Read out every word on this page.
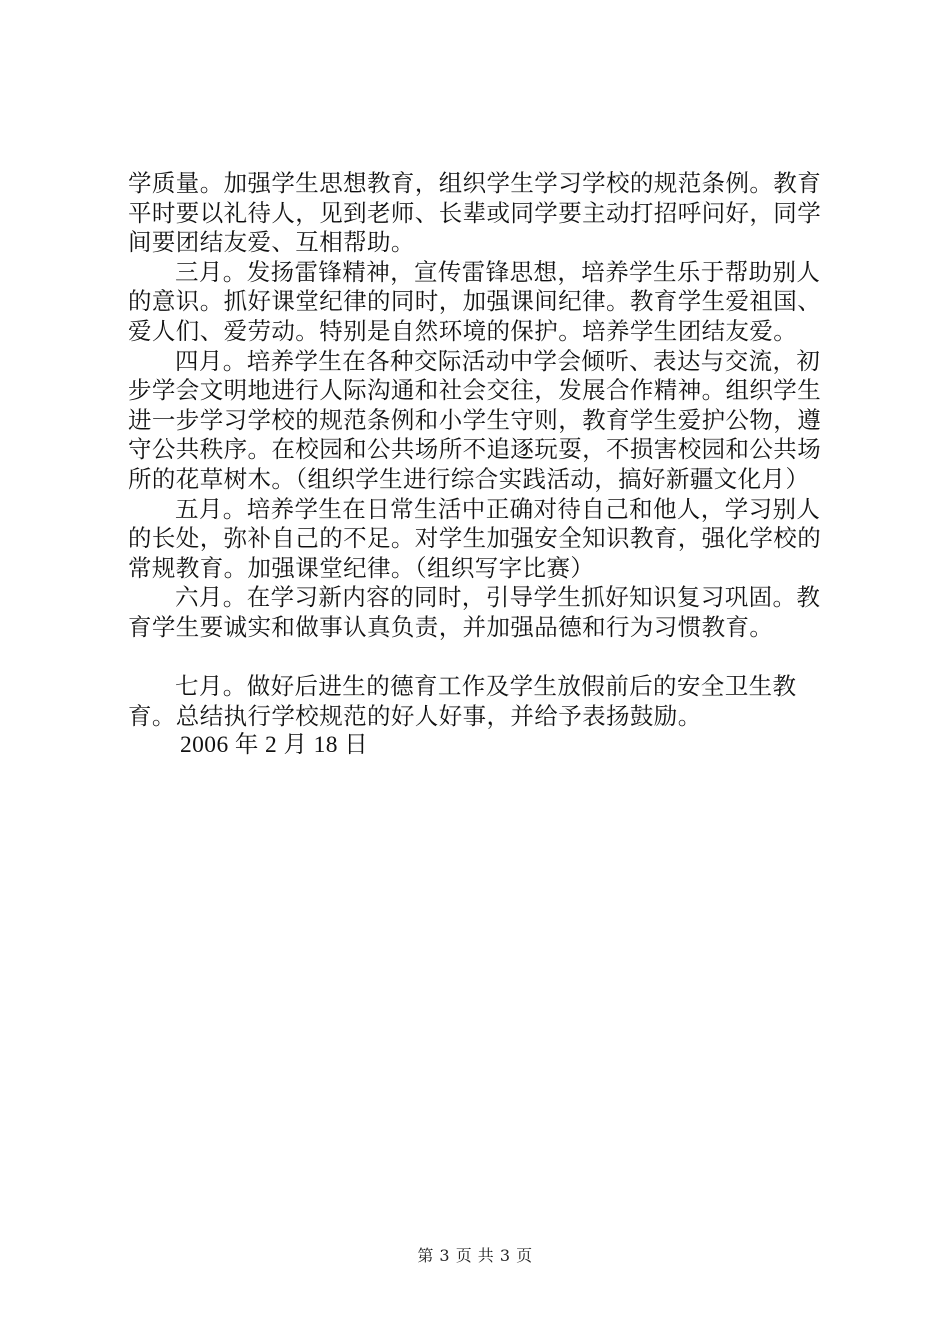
学质量。加强学生思想教育，组织学生学习学校的规范条例。教育平时要以礼待人，见到老师、长辈或同学要主动打招呼问好，同学间要团结友爱、互相帮助。

三月。发扬雷锋精神，宣传雷锋思想，培养学生乐于帮助别人的意识。抓好课堂纪律的同时，加强课间纪律。教育学生爱祖国、爱人们、爱劳动。特别是自然环境的保护。培养学生团结友爱。

四月。培养学生在各种交际活动中学会倾听、表达与交流，初步学会文明地进行人际沟通和社会交往，发展合作精神。组织学生进一步学习学校的规范条例和小学生守则，教育学生爱护公物，遵守公共秩序。在校园和公共场所不追逐玩耍，不损害校园和公共场所的花草树木。（组织学生进行综合实践活动，搞好新疆文化月）

五月。培养学生在日常生活中正确对待自己和他人，学习别人的长处，弥补自己的不足。对学生加强安全知识教育，强化学校的常规教育。加强课堂纪律。（组织写字比赛）

六月。在学习新内容的同时，引导学生抓好知识复习巩固。教育学生要诚实和做事认真负责，并加强品德和行为习惯教育。

七月。做好后进生的德育工作及学生放假前后的安全卫生教育。总结执行学校规范的好人好事，并给予表扬鼓励。

2006 年 2 月 18 日

第 3 页 共 3 页
